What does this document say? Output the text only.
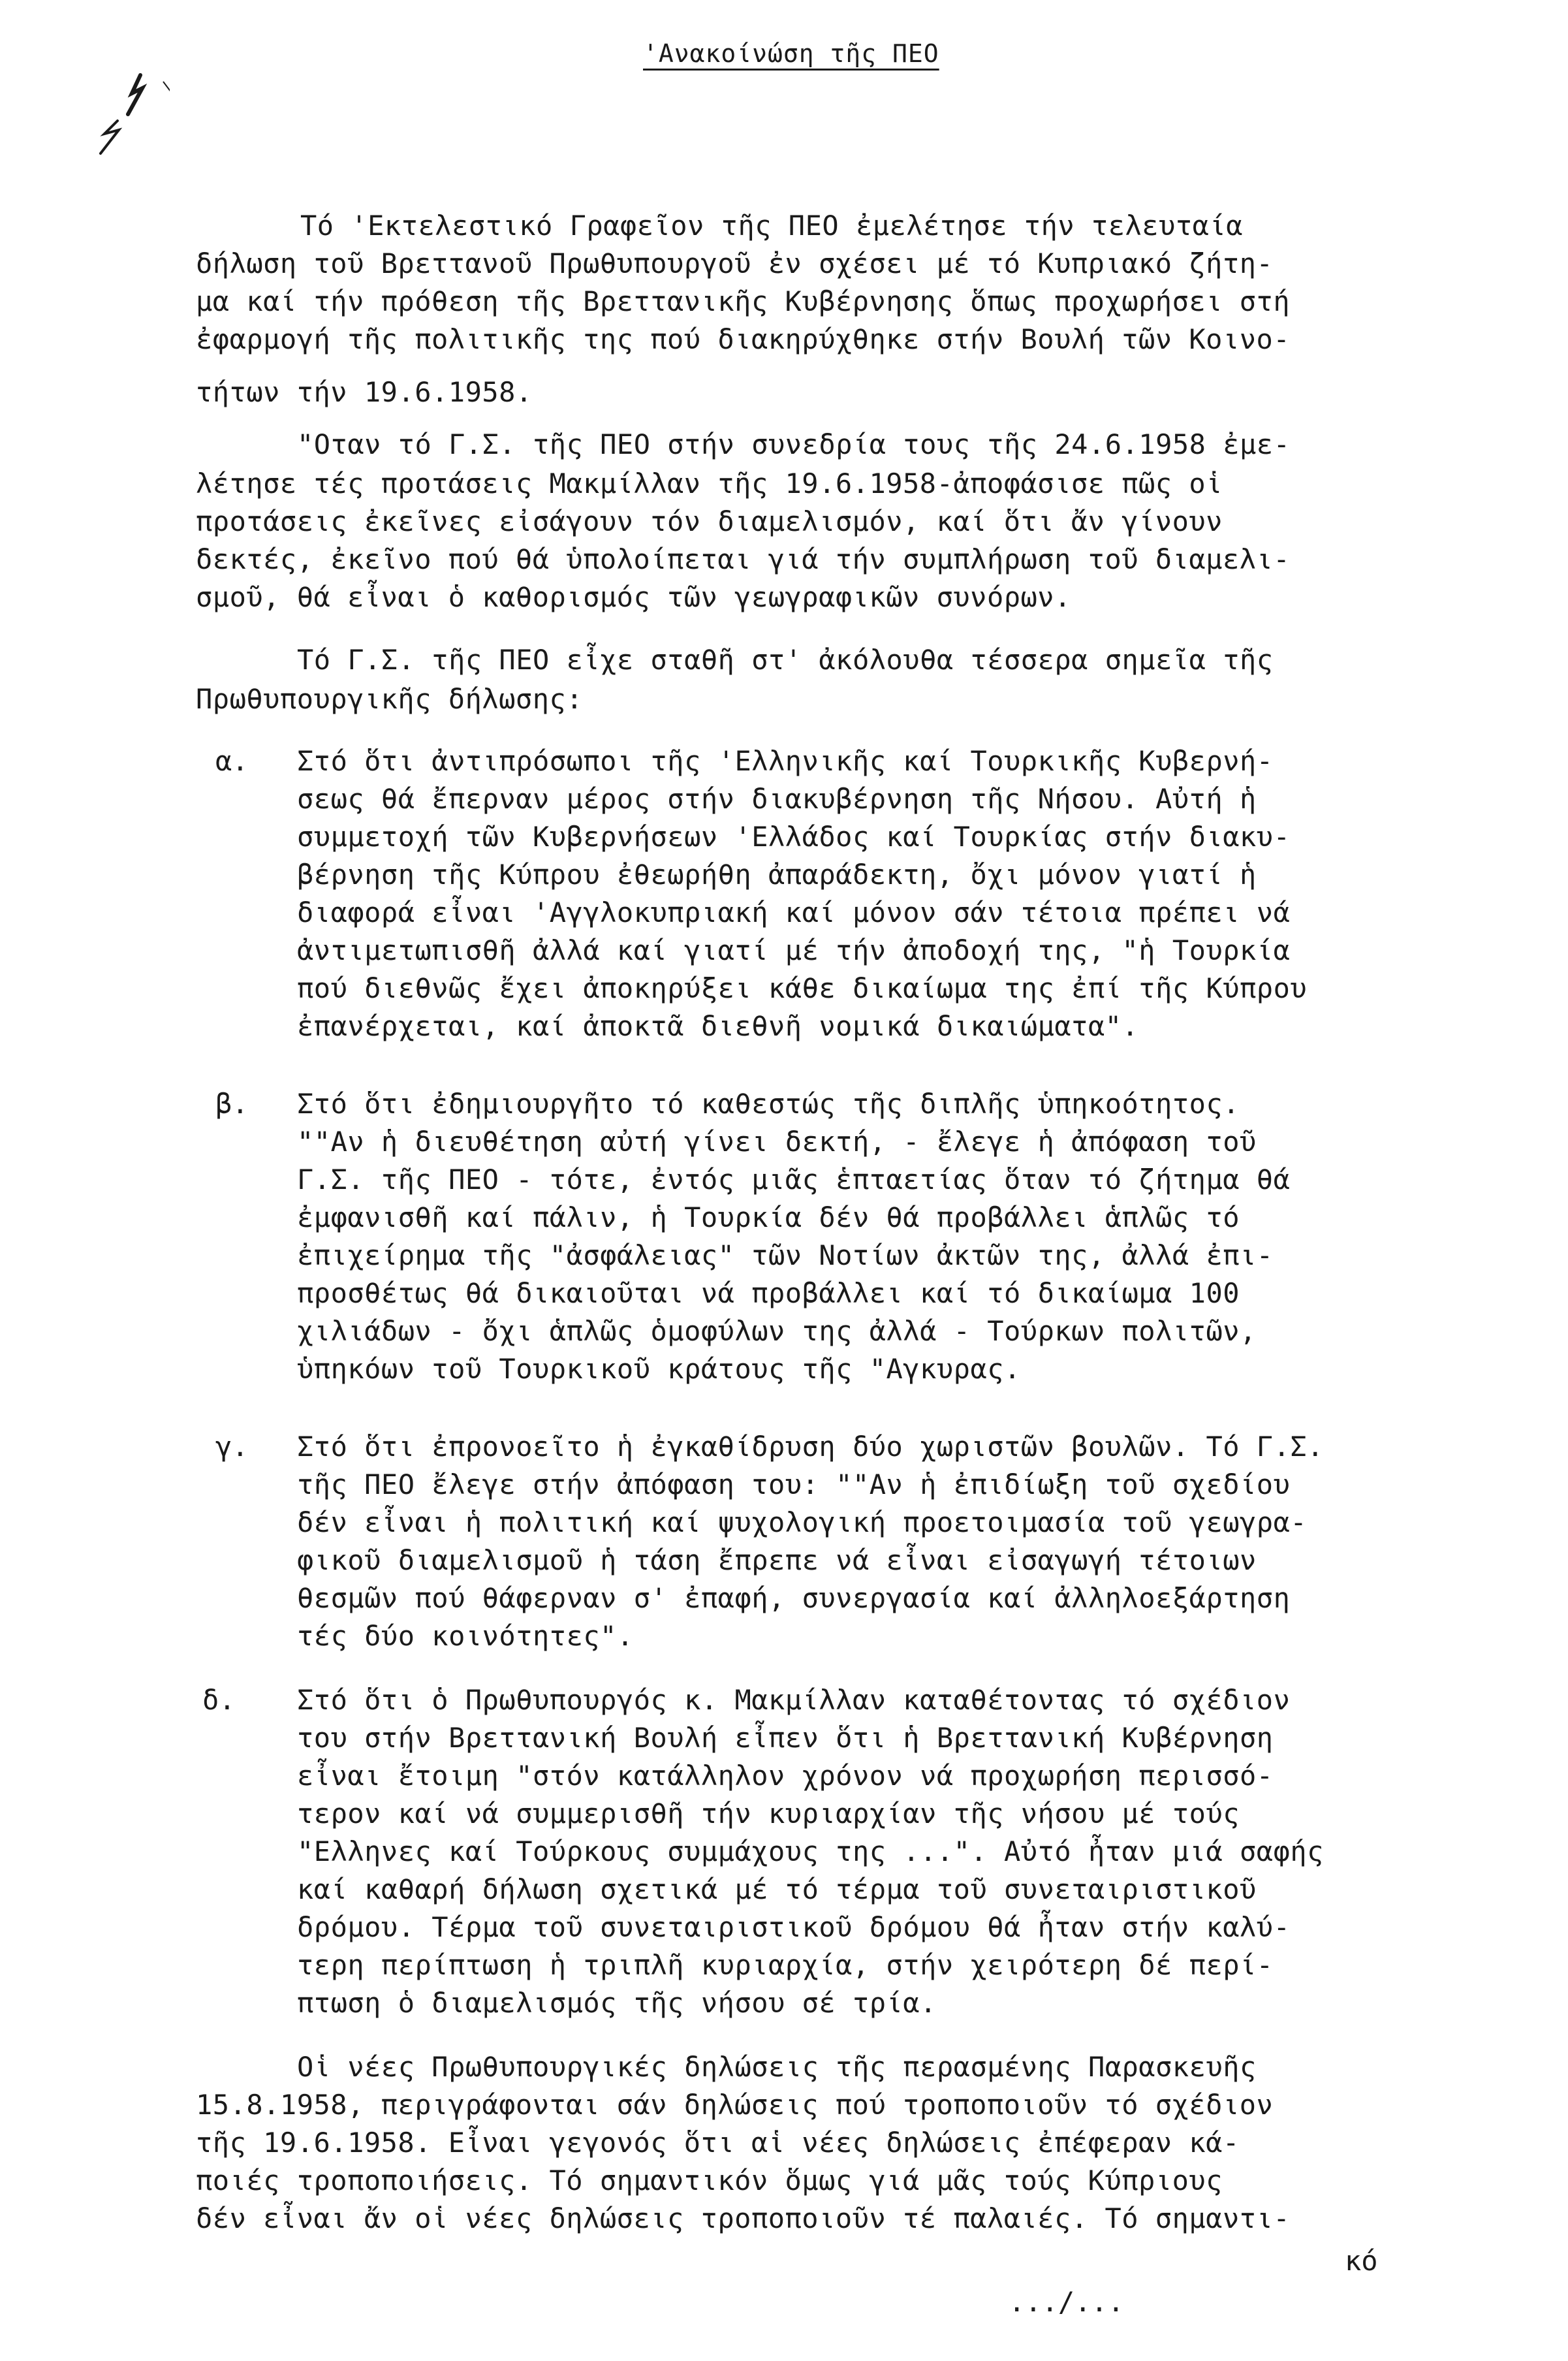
'Ανακοίνώση τῆς ΠΕΟ
Τό 'Εκτελεστικό Γραφεῖον τῆς ΠΕΟ ἐμελέτησε τήν τελευταία
δήλωση τοῦ Βρεττανοῦ Πρωθυπουργοῦ ἐν σχέσει μέ τό Κυπριακό ζήτη-
μα καί τήν πρόθεση τῆς Βρεττανικῆς Κυβέρνησης ὅπως προχωρήσει στή
ἐφαρμογή τῆς πολιτικῆς της πού διακηρύχθηκε στήν Βουλή τῶν Κοινο-
τήτων τήν 19.6.1958.
"Οταν τό Γ.Σ. τῆς ΠΕΟ στήν συνεδρία τους τῆς 24.6.1958 ἐμε-
λέτησε τές προτάσεις Μακμίλλαν τῆς 19.6.1958-ἀποφάσισε πῶς οἱ
προτάσεις ἐκεῖνες εἰσάγουν τόν διαμελισμόν, καί ὅτι ἄν γίνουν
δεκτές, ἐκεῖνο πού θά ὑπολοίπεται γιά τήν συμπλήρωση τοῦ διαμελι-
σμοῦ, θά εἶναι ὁ καθορισμός τῶν γεωγραφικῶν συνόρων.
Τό Γ.Σ. τῆς ΠΕΟ εἶχε σταθῆ στ' ἀκόλουθα τέσσερα σημεῖα τῆς
Πρωθυπουργικῆς δήλωσης:
α. Στό ὅτι ἀντιπρόσωποι τῆς 'Ελληνικῆς καί Τουρκικῆς Κυβερνή-
σεως θά ἔπερναν μέρος στήν διακυβέρνηση τῆς Νήσου. Αὐτή ἡ
συμμετοχή τῶν Κυβερνήσεων 'Ελλάδος καί Τουρκίας στήν διακυ-
βέρνηση τῆς Κύπρου ἐθεωρήθη ἀπαράδεκτη, ὄχι μόνον γιατί ἡ
διαφορά εἶναι 'Αγγλοκυπριακή καί μόνον σάν τέτοια πρέπει νά
ἀντιμετωπισθῆ ἀλλά καί γιατί μέ τήν ἀποδοχή της, "ἡ Τουρκία
πού διεθνῶς ἔχει ἀποκηρύξει κάθε δικαίωμα της ἐπί τῆς Κύπρου
ἐπανέρχεται, καί ἀποκτᾶ διεθνῆ νομικά δικαιώματα".
β. Στό ὅτι ἐδημιουργῆτο τό καθεστώς τῆς διπλῆς ὑπηκοότητος.
""Αν ἡ διευθέτηση αὐτή γίνει δεκτή, - ἔλεγε ἡ ἀπόφαση τοῦ
Γ.Σ. τῆς ΠΕΟ - τότε, ἐντός μιᾶς ἑπταετίας ὅταν τό ζήτημα θά
ἐμφανισθῆ καί πάλιν, ἡ Τουρκία δέν θά προβάλλει ἁπλῶς τό
ἐπιχείρημα τῆς "ἀσφάλειας" τῶν Νοτίων ἀκτῶν της, ἀλλά ἐπι-
προσθέτως θά δικαιοῦται νά προβάλλει καί τό δικαίωμα 100
χιλιάδων - ὄχι ἁπλῶς ὁμοφύλων της ἀλλά - Τούρκων πολιτῶν,
ὑπηκόων τοῦ Τουρκικοῦ κράτους τῆς "Αγκυρας.
γ. Στό ὅτι ἐπρονοεῖτο ἡ ἐγκαθίδρυση δύο χωριστῶν βουλῶν. Τό Γ.Σ.
τῆς ΠΕΟ ἔλεγε στήν ἀπόφαση του: ""Αν ἡ ἐπιδίωξη τοῦ σχεδίου
δέν εἶναι ἡ πολιτική καί ψυχολογική προετοιμασία τοῦ γεωγρα-
φικοῦ διαμελισμοῦ ἡ τάση ἔπρεπε νά εἶναι εἰσαγωγή τέτοιων
θεσμῶν πού θάφερναν σ' ἐπαφή, συνεργασία καί ἀλληλοεξάρτηση
τές δύο κοινότητες".
δ. Στό ὅτι ὁ Πρωθυπουργός κ. Μακμίλλαν καταθέτοντας τό σχέδιον
του στήν Βρεττανική Βουλή εἶπεν ὅτι ἡ Βρεττανική Κυβέρνηση
εἶναι ἔτοιμη "στόν κατάλληλον χρόνον νά προχωρήση περισσό-
τερον καί νά συμμερισθῆ τήν κυριαρχίαν τῆς νήσου μέ τούς
"Ελληνες καί Τούρκους συμμάχους της ...". Αὐτό ἦταν μιά σαφής
καί καθαρή δήλωση σχετικά μέ τό τέρμα τοῦ συνεταιριστικοῦ
δρόμου. Τέρμα τοῦ συνεταιριστικοῦ δρόμου θά ἦταν στήν καλύ-
τερη περίπτωση ἡ τριπλῆ κυριαρχία, στήν χειρότερη δέ περί-
πτωση ὁ διαμελισμός τῆς νήσου σέ τρία.
Οἱ νέες Πρωθυπουργικές δηλώσεις τῆς περασμένης Παρασκευῆς
15.8.1958, περιγράφονται σάν δηλώσεις πού τροποποιοῦν τό σχέδιον
τῆς 19.6.1958. Εἶναι γεγονός ὅτι αἱ νέες δηλώσεις ἐπέφεραν κά-
ποιές τροποποιήσεις. Τό σημαντικόν ὅμως γιά μᾶς τούς Κύπριους
δέν εἶναι ἄν οἱ νέες δηλώσεις τροποποιοῦν τέ παλαιές. Τό σημαντι-
κό
.../...
